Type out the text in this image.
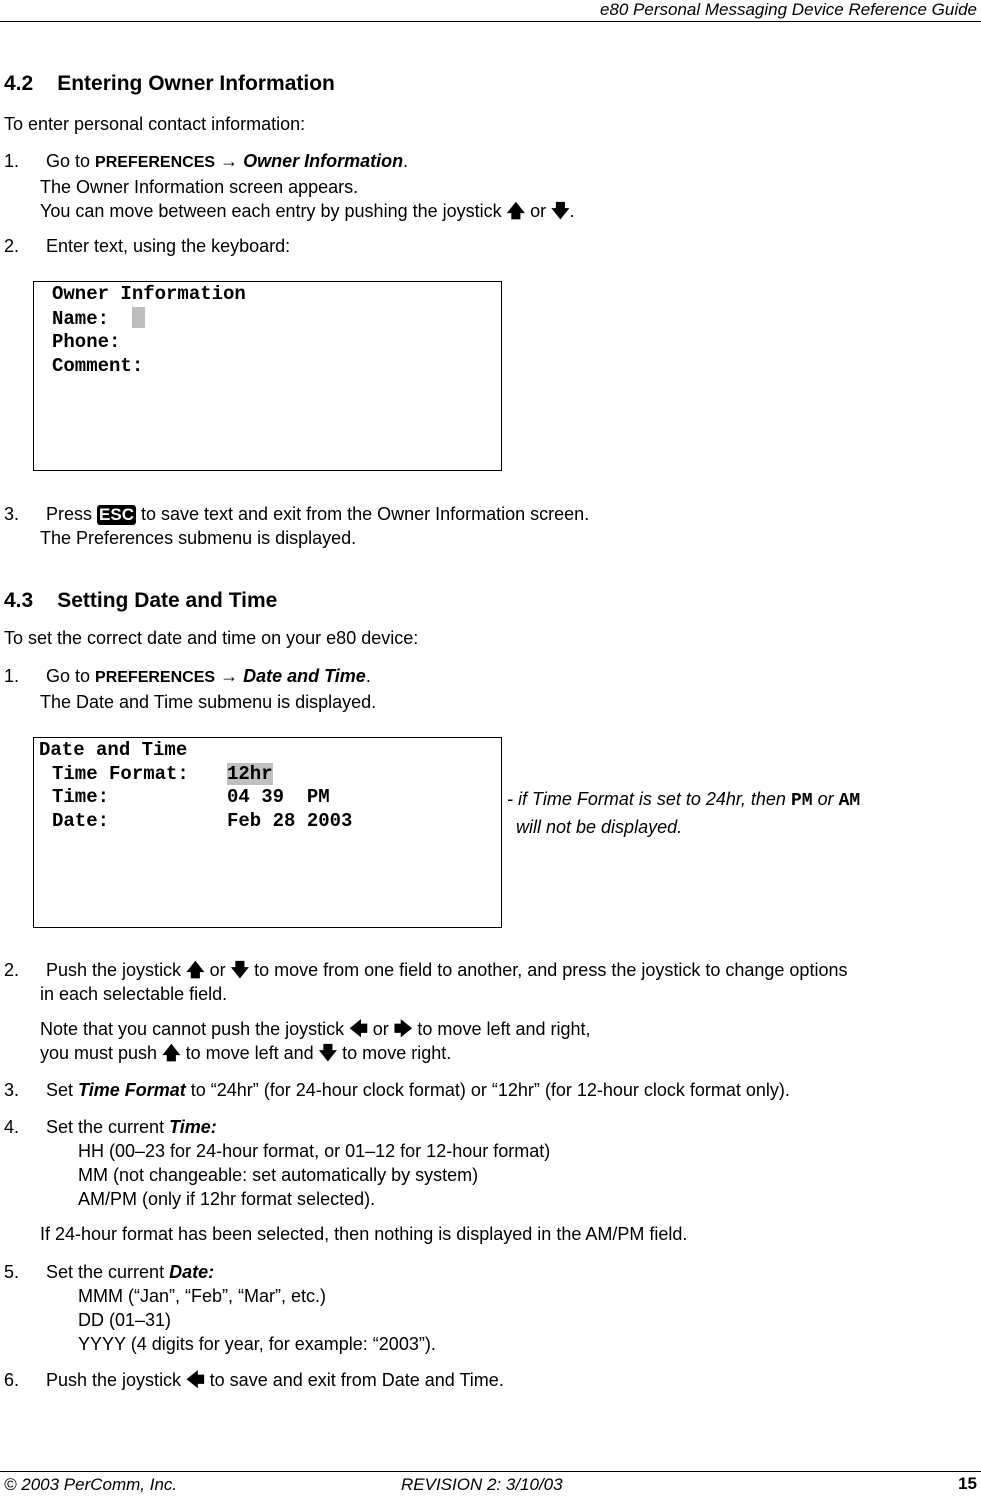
e80 Personal Messaging Device Reference Guide
4.2 Entering Owner Information
To enter personal contact information:
1. Go to PREFERENCES → Owner Information.
The Owner Information screen appears.
You can move between each entry by pushing the joystick 🡅 or 🡇.
2. Enter text, using the keyboard:
Owner Information
Name:
Phone:
Comment:
3. Press ESC to save text and exit from the Owner Information screen.
The Preferences submenu is displayed.
4.3 Setting Date and Time
To set the correct date and time on your e80 device:
1. Go to PREFERENCES → Date and Time.
The Date and Time submenu is displayed.
Date and Time
Time Format: 12hr
Time:	04 39  PM
Date:	Feb 28 2003
- if Time Format is set to 24hr, then PM or AM
will not be displayed.
2. Push the joystick 🡅 or 🡇 to move from one field to another, and press the joystick to change options
in each selectable field.
Note that you cannot push the joystick 🡄 or 🡆 to move left and right,
you must push 🡅 to move left and 🡇 to move right.
3. Set Time Format to “24hr” (for 24-hour clock format) or “12hr” (for 12-hour clock format only).
4. Set the current Time:
HH (00–23 for 24-hour format, or 01–12 for 12-hour format)
MM (not changeable: set automatically by system)
AM/PM (only if 12hr format selected).
If 24-hour format has been selected, then nothing is displayed in the AM/PM field.
5. Set the current Date:
MMM (“Jan”, “Feb”, “Mar”, etc.)
DD (01–31)
YYYY (4 digits for year, for example: “2003”).
6. Push the joystick 🡄 to save and exit from Date and Time.
© 2003 PerComm, Inc.	REVISION 2: 3/10/03	15
